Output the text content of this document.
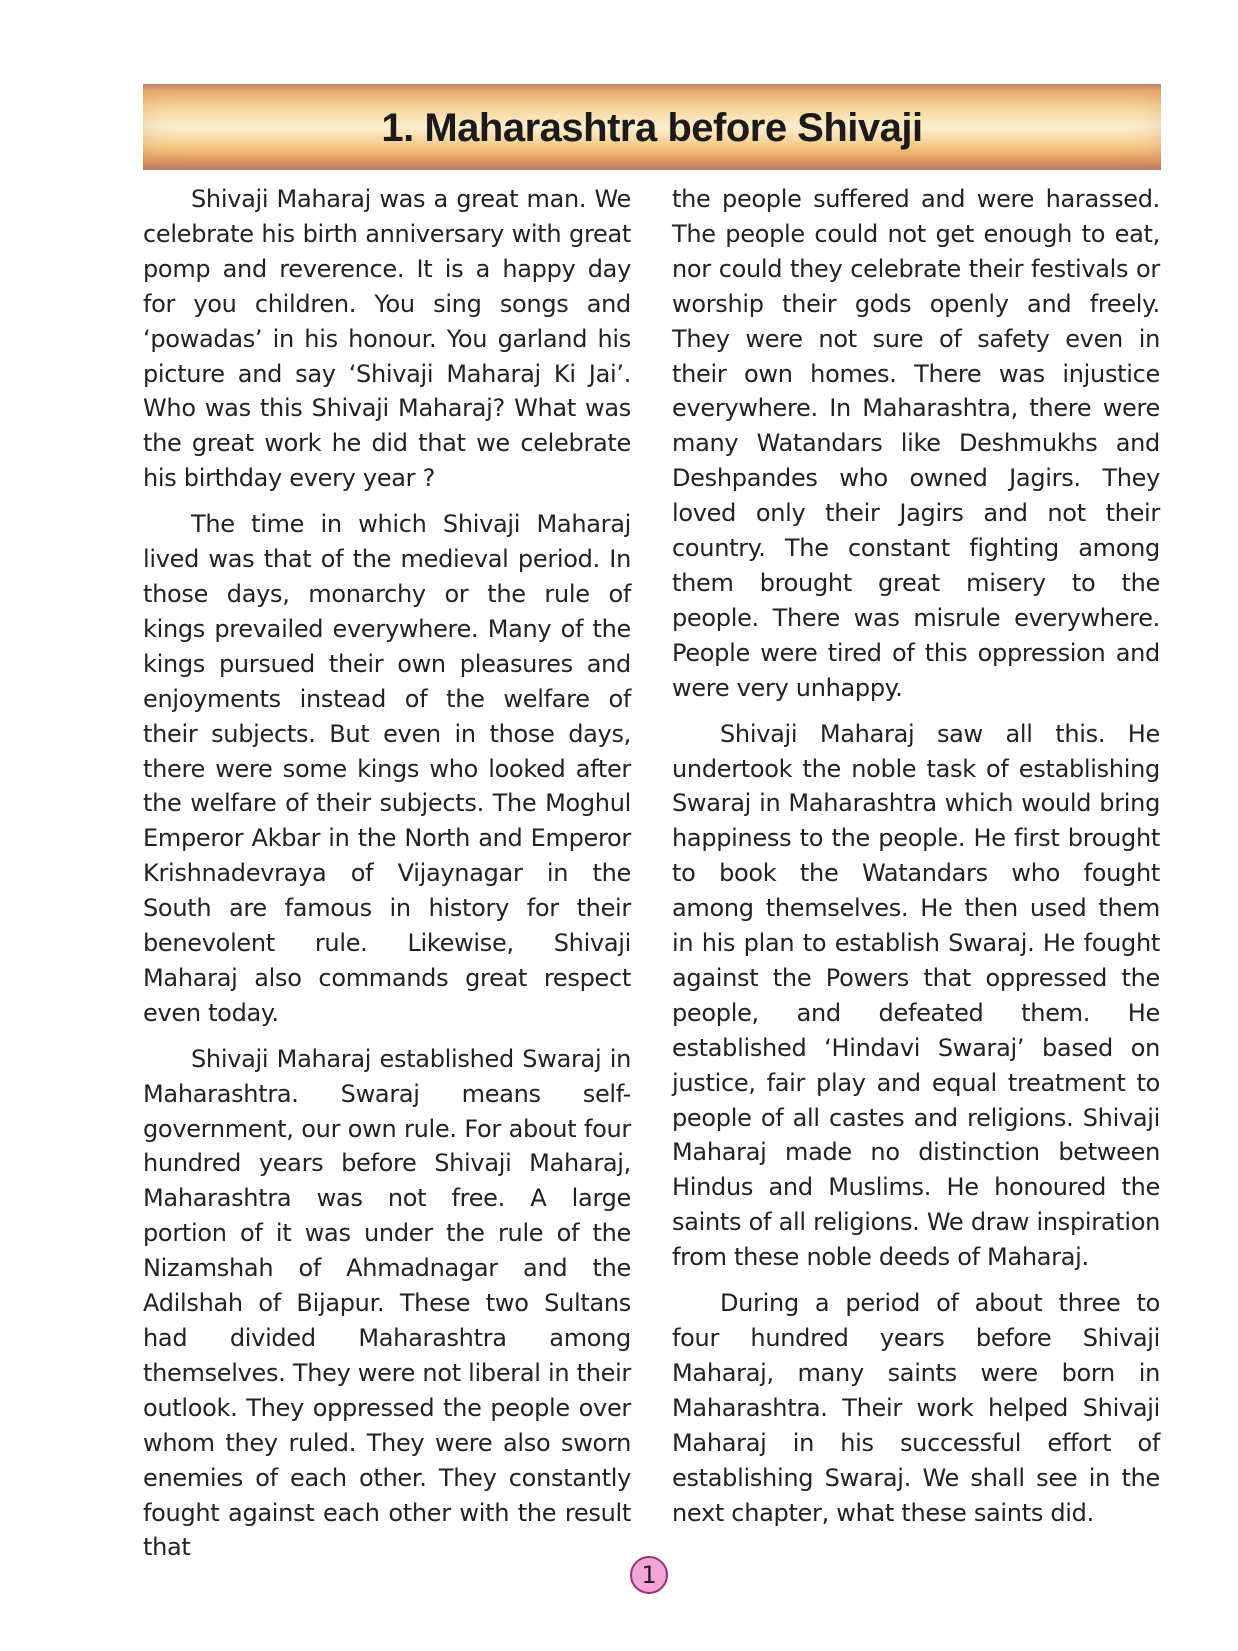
1. Maharashtra before Shivaji

Shivaji Maharaj was a great man. We celebrate his birth anniversary with great pomp and reverence. It is a happy day for you children. You sing songs and ‘powadas’ in his honour. You garland his picture and say ‘Shivaji Maharaj Ki Jai’. Who was this Shivaji Maharaj? What was the great work he did that we celebrate his birthday every year ?

The time in which Shivaji Maharaj lived was that of the medieval period. In those days, monarchy or the rule of kings prevailed everywhere. Many of the kings pursued their own pleasures and enjoyments instead of the welfare of their subjects. But even in those days, there were some kings who looked after the welfare of their subjects. The Moghul Emperor Akbar in the North and Emperor Krishnadevraya of Vijaynagar in the South are famous in history for their benevolent rule. Likewise, Shivaji Maharaj also commands great respect even today.

Shivaji Maharaj established Swaraj in Maharashtra. Swaraj means self-government, our own rule. For about four hundred years before Shivaji Maharaj, Maharashtra was not free. A large portion of it was under the rule of the Nizamshah of Ahmadnagar and the Adilshah of Bijapur. These two Sultans had divided Maharashtra among themselves. They were not liberal in their outlook. They oppressed the people over whom they ruled. They were also sworn enemies of each other. They constantly fought against each other with the result that

the people suffered and were harassed. The people could not get enough to eat, nor could they celebrate their festivals or worship their gods openly and freely. They were not sure of safety even in their own homes. There was injustice everywhere. In Maharashtra, there were many Watandars like Deshmukhs and Deshpandes who owned Jagirs. They loved only their Jagirs and not their country. The constant fighting among them brought great misery to the people. There was misrule everywhere. People were tired of this oppression and were very unhappy.

Shivaji Maharaj saw all this. He undertook the noble task of establishing Swaraj in Maharashtra which would bring happiness to the people. He first brought to book the Watandars who fought among themselves. He then used them in his plan to establish Swaraj. He fought against the Powers that oppressed the people, and defeated them. He established ‘Hindavi Swaraj’ based on justice, fair play and equal treatment to people of all castes and religions. Shivaji Maharaj made no distinction between Hindus and Muslims. He honoured the saints of all religions. We draw inspiration from these noble deeds of Maharaj.

During a period of about three to four hundred years before Shivaji Maharaj, many saints were born in Maharashtra. Their work helped Shivaji Maharaj in his successful effort of establishing Swaraj. We shall see in the next chapter, what these saints did.

1
